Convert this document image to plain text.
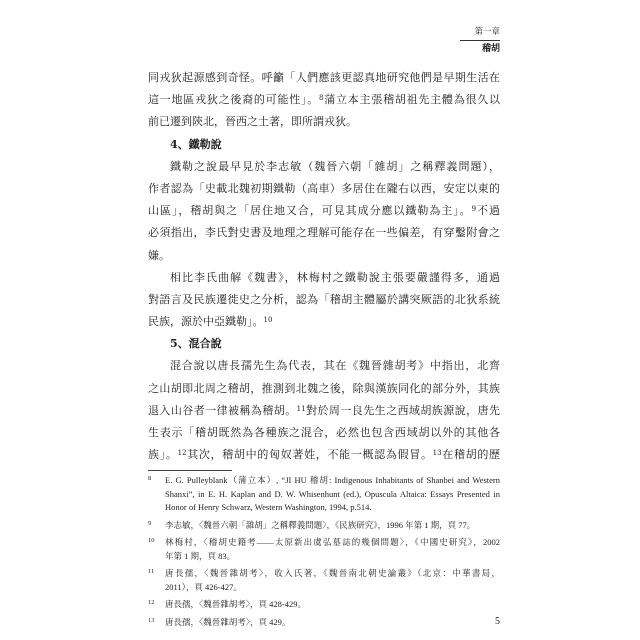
第一章
稽胡
同戎狄起源感到奇怪。呼籲「人們應該更認真地研究他們是早期生活在
這一地區戎狄之後裔的可能性」。$^8$蒲立本主張稽胡祖先主體為很久以
前已遷到陝北，晉西之土著，即所謂戎狄。
4、鐵勒說
鐵勒之說最早見於李志敏（魏晉六朝「雜胡」之稱釋義問題），
作者認為「史載北魏初期鐵勒（高車）多居住在隴右以西，安定以東的
山區」，稽胡與之「居住地又合，可見其成分應以鐵勒為主」。$^9$不過
必須指出，李氏對史書及地理之理解可能存在一些偏差，有穿鑿附會之
嫌。
相比李氏曲解《魏書》，林梅村之鐵勒說主張要嚴謹得多，通過
對語言及民族遷徙史之分析，認為「稽胡主體屬於講突厥語的北狄系統
民族，源於中亞鐵勒」。$^{10}$
5、混合說
混合說以唐長孺先生為代表，其在《魏晉雜胡考》中指出，北齊
之山胡即北周之稽胡，推測到北魏之後，除與漢族同化的部分外，其族
退入山谷者一律被稱為稽胡。$^{11}$對於周一良先生之西域胡族源說，唐先
生表示「稽胡既然為各種族之混合，必然也包含西域胡以外的其他各
族」。$^{12}$其次，稽胡中的匈奴著姓，不能一概認為假冒。$^{13}$在稽胡的歷
8	E. G. Pulleyblank（蒲立本）, “JI HU 稽胡: Indigenous Inhabitants of Shanbei and Western
Shanxi”, in E. H. Kaplan and D. W. Whisenhunt (ed.), Opuscula Altaica: Essays Presented in
Honor of Henry Schwarz, Western Washington, 1994, p.514.
9	李志敏，〈魏晉六朝「雜胡」之稱釋義問題〉，《民族研究》，1996 年第 1 期，頁 77。
10	林梅村，〈稽胡史籍考——太原新出虞弘墓誌的幾個問題〉，《中國史研究》，2002
年第 1 期，頁 83。
11	唐長孺，〈魏晉雜胡考〉，收入氏著，《魏晉南北朝史論叢》（北京：中華書局，
2011），頁 426-427。
12	唐長孺，〈魏晉雜胡考〉，頁 428-429。
13	唐長孺，〈魏晉雜胡考〉，頁 429。	5
